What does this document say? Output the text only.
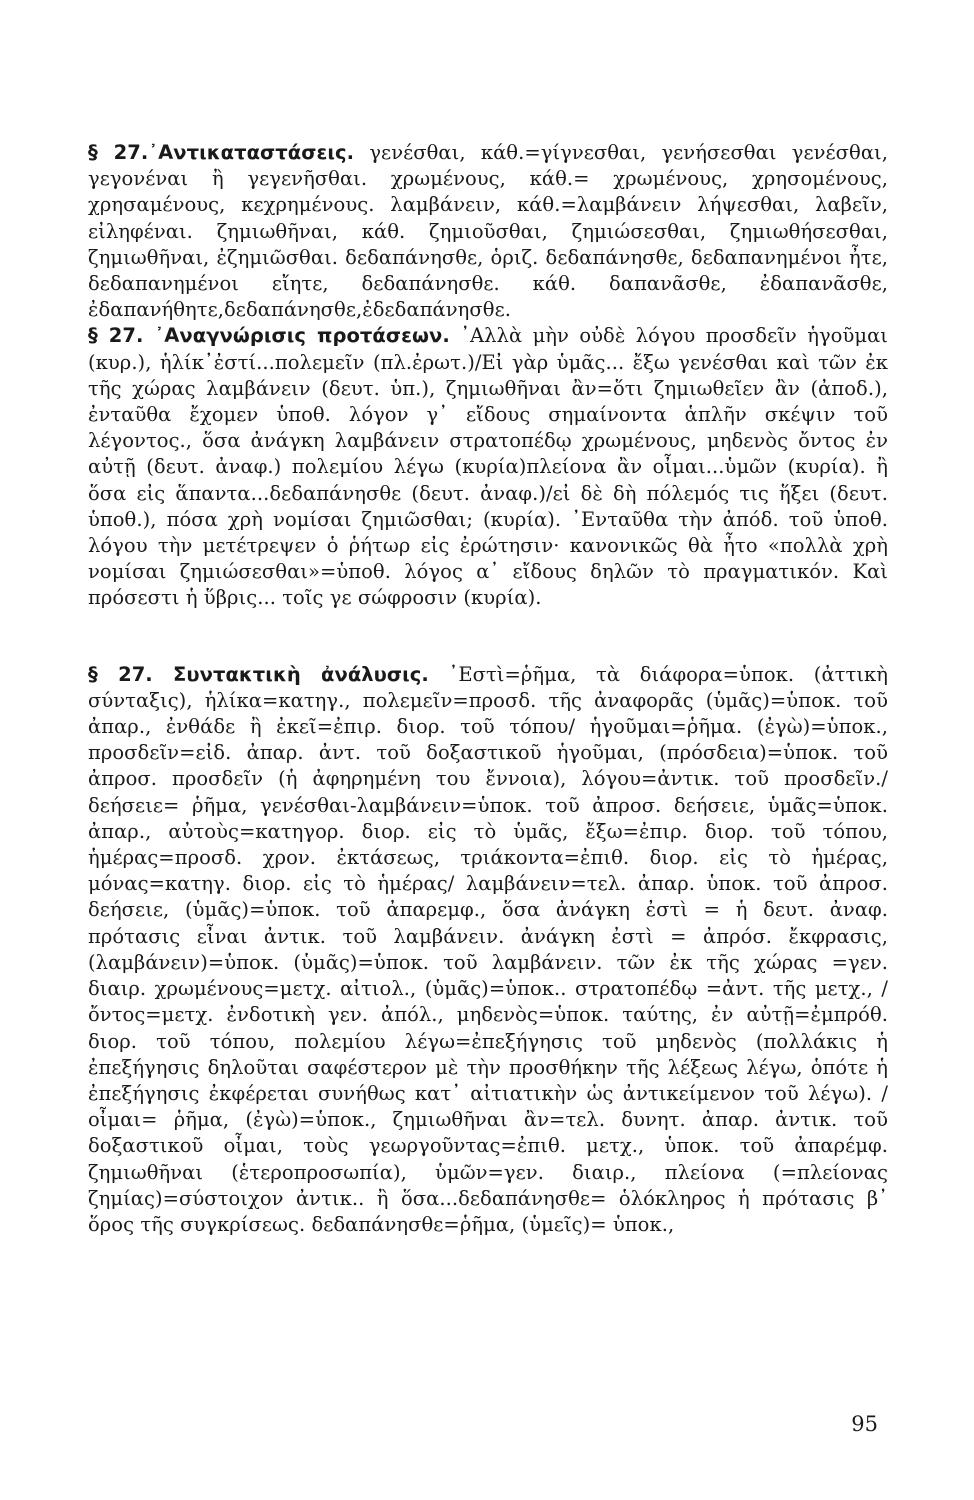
§ 27.᾽Αντικαταστάσεις. γενέσθαι, κάθ.=γίγνεσθαι, γενήσεσθαι γενέσθαι, γεγονέναι ἢ γεγενῆσθαι. χρωμένους, κάθ.= χρωμένους, χρησομένους, χρησαμένους, κεχρημένους. λαμβάνειν, κάθ.=λαμβάνειν λήψεσθαι, λαβεῖν, εἰληφέναι. ζημιωθῆναι, κάθ. ζημιοῦσθαι, ζημιώσεσθαι, ζημιωθήσεσθαι, ζημιωθῆναι, ἐζημιῶσθαι. δεδαπάνησθε, ὁριζ. δεδαπάνησθε, δεδαπανημένοι ἦτε, δεδαπανημένοι εἴητε, δεδαπάνησθε. κάθ. δαπανᾶσθε, ἐδαπανᾶσθε, ἐδαπανήθητε,δεδαπάνησθε,ἐδεδαπάνησθε.

§ 27. ᾽Αναγνώρισις προτάσεων. ᾽Αλλὰ μὴν οὐδὲ λόγου προσδεῖν ἡγοῦμαι (κυρ.), ἡλίκ᾽ἐστί...πολεμεῖν (πλ.ἐρωτ.)/Εἰ γὰρ ὑμᾶς... ἔξω γενέσθαι καὶ τῶν ἐκ τῆς χώρας λαμβάνειν (δευτ. ὑπ.), ζημιωθῆναι ἂν=ὅτι ζημιωθεῖεν ἂν (ἀποδ.), ἐνταῦθα ἔχομεν ὑποθ. λόγον γ᾽ εἴδους σημαίνοντα ἁπλῆν σκέψιν τοῦ λέγοντος., ὅσα ἀνάγκη λαμβάνειν στρατοπέδῳ χρωμένους, μηδενὸς ὄντος ἐν αὐτῇ (δευτ. ἀναφ.) πολεμίου λέγω (κυρία)πλείονα ἂν οἶμαι...ὑμῶν (κυρία). ἢ ὅσα εἰς ἅπαντα...δεδαπάνησθε (δευτ. ἀναφ.)/εἰ δὲ δὴ πόλεμός τις ἥξει (δευτ. ὑποθ.), πόσα χρὴ νομίσαι ζημιῶσθαι; (κυρία). ᾽Ενταῦθα τὴν ἀπόδ. τοῦ ὑποθ. λόγου τὴν μετέτρεψεν ὁ ῥήτωρ εἰς ἐρώτησιν· κανονικῶς θὰ ἦτο «πολλὰ χρὴ νομίσαι ζημιώσεσθαι»=ὑποθ. λόγος α᾽ εἴδους δηλῶν τὸ πραγματικόν. Καὶ πρόσεστι ἡ ὕβρις... τοῖς γε σώφροσιν (κυρία).

§ 27. Συντακτικὴ ἀνάλυσις. ᾽Εστὶ=ῥῆμα, τὰ διάφορα=ὑποκ. (ἀττικὴ σύνταξις), ἡλίκα=κατηγ., πολεμεῖν=προσδ. τῆς ἀναφορᾶς (ὑμᾶς)=ὑποκ. τοῦ ἀπαρ., ἐνθάδε ἢ ἐκεῖ=ἐπιρ. διορ. τοῦ τόπου/ ἡγοῦμαι=ῥῆμα. (ἐγὼ)=ὑποκ., προσδεῖν=εἰδ. ἀπαρ. ἀντ. τοῦ δοξαστικοῦ ἡγοῦμαι, (πρόσδεια)=ὑποκ. τοῦ ἀπροσ. προσδεῖν (ἡ ἀφηρημένη του ἔννοια), λόγου=ἀντικ. τοῦ προσδεῖν./δεήσειε= ῥῆμα, γενέσθαι-λαμβάνειν=ὑποκ. τοῦ ἀπροσ. δεήσειε, ὑμᾶς=ὑποκ. ἀπαρ., αὐτοὺς=κατηγορ. διορ. εἰς τὸ ὑμᾶς, ἔξω=ἐπιρ. διορ. τοῦ τόπου, ἡμέρας=προσδ. χρον. ἐκτάσεως, τριάκοντα=ἐπιθ. διορ. εἰς τὸ ἡμέρας, μόνας=κατηγ. διορ. εἰς τὸ ἡμέρας/ λαμβάνειν=τελ. ἀπαρ. ὑποκ. τοῦ ἀπροσ. δεήσειε, (ὑμᾶς)=ὑποκ. τοῦ ἀπαρεμφ., ὅσα ἀνάγκη ἐστὶ = ἡ δευτ. ἀναφ. πρότασις εἶναι ἀντικ. τοῦ λαμβάνειν. ἀνάγκη ἐστὶ = ἀπρόσ. ἔκφρασις, (λαμβάνειν)=ὑποκ. (ὑμᾶς)=ὑποκ. τοῦ λαμβάνειν. τῶν ἐκ τῆς χώρας =γεν. διαιρ. χρωμένους=μετχ. αἰτιολ., (ὑμᾶς)=ὑποκ.. στρατοπέδῳ =ἀντ. τῆς μετχ., /ὄντος=μετχ. ἐνδοτικὴ γεν. ἀπόλ., μηδενὸς=ὑποκ. ταύτης, ἐν αὐτῇ=ἐμπρόθ. διορ. τοῦ τόπου, πολεμίου λέγω=ἐπεξήγησις τοῦ μηδενὸς (πολλάκις ἡ ἐπεξήγησις δηλοῦται σαφέστερον μὲ τὴν προσθήκην τῆς λέξεως λέγω, ὁπότε ἡ ἐπεξήγησις ἐκφέρεται συνήθως κατ᾽ αἰτιατικὴν ὡς ἀντικείμενον τοῦ λέγω). /οἶμαι= ῥῆμα, (ἐγὼ)=ὑποκ., ζημιωθῆναι ἂν=τελ. δυνητ. ἀπαρ. ἀντικ. τοῦ δοξαστικοῦ οἶμαι, τοὺς γεωργοῦντας=ἐπιθ. μετχ., ὑποκ. τοῦ ἀπαρέμφ. ζημιωθῆναι (ἑτεροπροσωπία), ὑμῶν=γεν. διαιρ., πλείονα (=πλείονας ζημίας)=σύστοιχον ἀντικ.. ἢ ὅσα...δεδαπάνησθε= ὁλόκληρος ἡ πρότασις β᾽ ὅρος τῆς συγκρίσεως. δεδαπάνησθε=ῥῆμα, (ὑμεῖς)= ὑποκ.,

95
